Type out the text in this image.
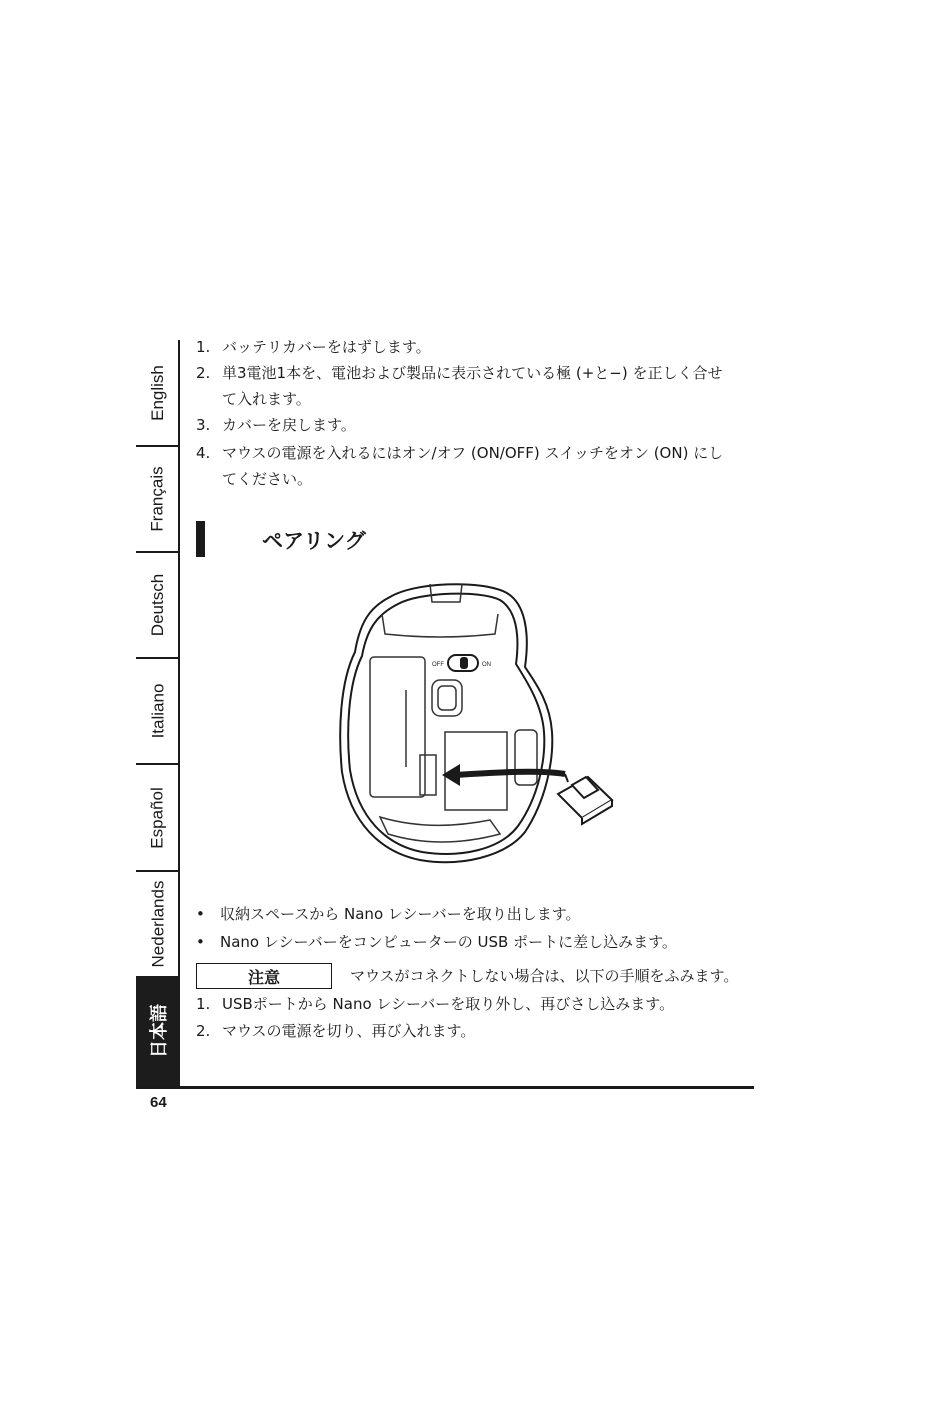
English
Français
Deutsch
Italiano
Español
Nederlands
日本語
1. バッテリカバーをはずします。
2. 単3電池1本を、電池および製品に表示されている極 (+と−) を正しく合せ
て入れます。
3. カバーを戻します。
4. マウスの電源を入れるにはオン/オフ (ON/OFF) スイッチをオン (ON) にし
てください。
ペアリング
OFF	ON
• 収納スペースから Nano レシーバーを取り出します。
• Nano レシーバーをコンピューターの USB ポートに差し込みます。
注意	マウスがコネクトしない場合は、以下の手順をふみます。
1. USBポートから Nano レシーバーを取り外し、再びさし込みます。
2. マウスの電源を切り、再び入れます。
64
